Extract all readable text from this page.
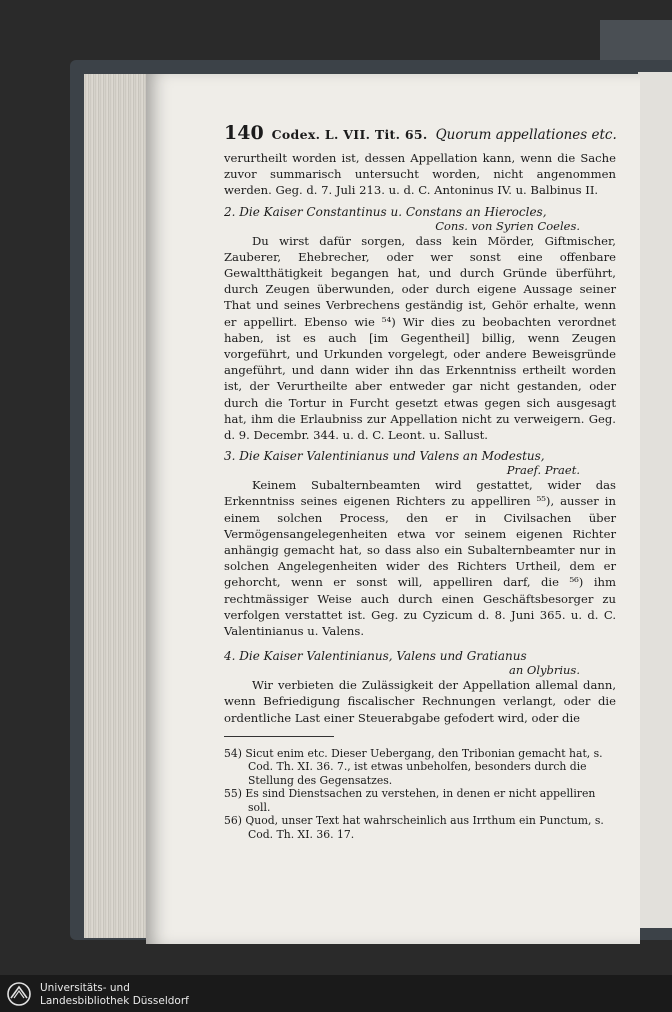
140 Codex. L. VII. Tit. 65. Quorum appellationes etc.

verurtheilt worden ist, dessen Appellation kann, wenn die Sache zuvor summarisch untersucht worden, nicht angenommen werden. Geg. d. 7. Juli 213. u. d. C. Antoninus IV. u. Balbinus II.

2. Die Kaiser Constantinus u. Constans an Hierocles,
Cons. von Syrien Coeles.

Du wirst dafür sorgen, dass kein Mörder, Giftmischer, Zauberer, Ehebrecher, oder wer sonst eine offenbare Gewaltthätigkeit begangen hat, und durch Gründe überführt, durch Zeugen überwunden, oder durch eigene Aussage seiner That und seines Verbrechens geständig ist, Gehör erhalte, wenn er appellirt. Ebenso wie ⁵⁴) Wir dies zu beobachten verordnet haben, ist es auch [im Gegentheil] billig, wenn Zeugen vorgeführt, und Urkunden vorgelegt, oder andere Beweisgründe angeführt, und dann wider ihn das Erkenntniss ertheilt worden ist, der Verurtheilte aber entweder gar nicht gestanden, oder durch die Tortur in Furcht gesetzt etwas gegen sich ausgesagt hat, ihm die Erlaubniss zur Appellation nicht zu verweigern. Geg. d. 9. Decembr. 344. u. d. C. Leont. u. Sallust.

3. Die Kaiser Valentinianus und Valens an Modestus,
Praef. Praet.

Keinem Subalternbeamten wird gestattet, wider das Erkenntniss seines eigenen Richters zu appelliren ⁵⁵), ausser in einem solchen Process, den er in Civilsachen über Vermögensangelegenheiten etwa vor seinem eigenen Richter anhängig gemacht hat, so dass also ein Subalternbeamter nur in solchen Angelegenheiten wider des Richters Urtheil, dem er gehorcht, wenn er sonst will, appelliren darf, die ⁵⁶) ihm rechtmässiger Weise auch durch einen Geschäftsbesorger zu verfolgen verstattet ist. Geg. zu Cyzicum d. 8. Juni 365. u. d. C. Valentinianus u. Valens.

4. Die Kaiser Valentinianus, Valens und Gratianus
an Olybrius.

Wir verbieten die Zulässigkeit der Appellation allemal dann, wenn Befriedigung fiscalischer Rechnungen verlangt, oder die ordentliche Last einer Steuerabgabe gefodert wird, oder die

54) Sicut enim etc. Dieser Uebergang, den Tribonian gemacht hat, s. Cod. Th. XI. 36. 7., ist etwas unbeholfen, besonders durch die Stellung des Gegensatzes.
55) Es sind Dienstsachen zu verstehen, in denen er nicht appelliren soll.
56) Quod, unser Text hat wahrscheinlich aus Irrthum ein Punctum, s. Cod. Th. XI. 36. 17.
Universitäts- und
Landesbibliothek Düsseldorf
